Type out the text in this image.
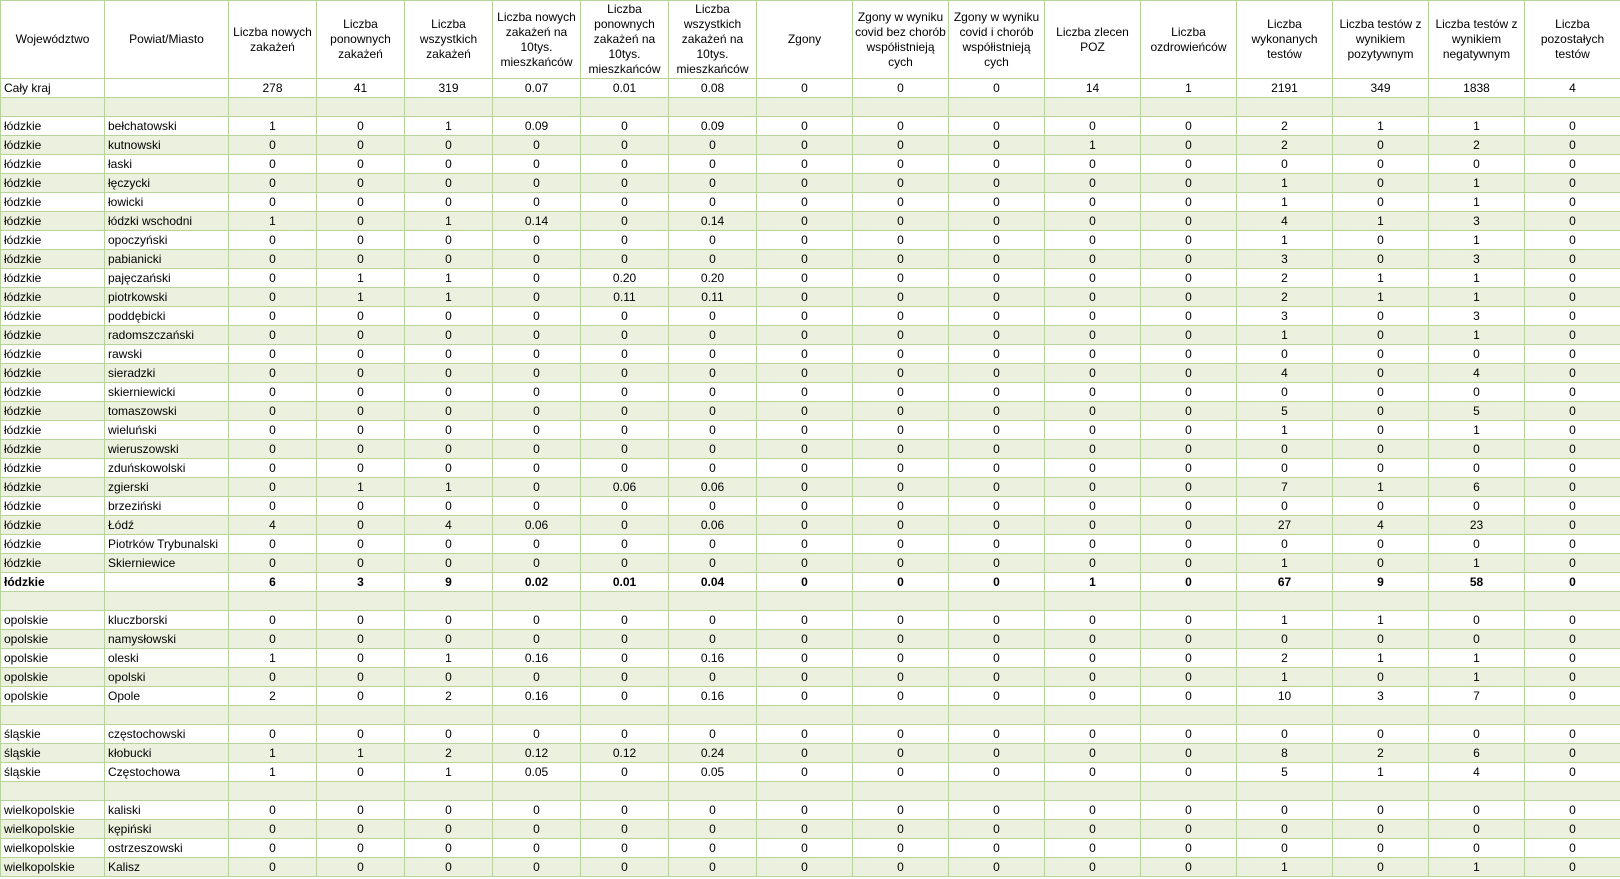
Województwo	Powiat/Miasto	Liczba nowych zakażeń	Liczba ponownych zakażeń	Liczba wszystkich zakażeń	Liczba nowych zakażeń na 10tys. mieszkańców	Liczba ponownych zakażeń na 10tys. mieszkańców	Liczba wszystkich zakażeń na 10tys. mieszkańców	Zgony	Zgony w wyniku covid bez chorób współistnieją cych	Zgony w wyniku covid i chorób współistnieją cych	Liczba zlecen POZ	Liczba ozdrowieńców	Liczba wykonanych testów	Liczba testów z wynikiem pozytywnym	Liczba testów z wynikiem negatywnym	Liczba pozostałych testów
Cały kraj		278	41	319	0.07	0.01	0.08	0	0	0	14	1	2191	349	1838	4

łódzkie	bełchatowski	1	0	1	0.09	0	0.09	0	0	0	0	0	2	1	1	0
łódzkie	kutnowski	0	0	0	0	0	0	0	0	0	1	0	2	0	2	0
łódzkie	łaski	0	0	0	0	0	0	0	0	0	0	0	0	0	0	0
łódzkie	łęczycki	0	0	0	0	0	0	0	0	0	0	0	1	0	1	0
łódzkie	łowicki	0	0	0	0	0	0	0	0	0	0	0	1	0	1	0
łódzkie	łódzki wschodni	1	0	1	0.14	0	0.14	0	0	0	0	0	4	1	3	0
łódzkie	opoczyński	0	0	0	0	0	0	0	0	0	0	0	1	0	1	0
łódzkie	pabianicki	0	0	0	0	0	0	0	0	0	0	0	3	0	3	0
łódzkie	pajęczański	0	1	1	0	0.20	0.20	0	0	0	0	0	2	1	1	0
łódzkie	piotrkowski	0	1	1	0	0.11	0.11	0	0	0	0	0	2	1	1	0
łódzkie	poddębicki	0	0	0	0	0	0	0	0	0	0	0	3	0	3	0
łódzkie	radomszczański	0	0	0	0	0	0	0	0	0	0	0	1	0	1	0
łódzkie	rawski	0	0	0	0	0	0	0	0	0	0	0	0	0	0	0
łódzkie	sieradzki	0	0	0	0	0	0	0	0	0	0	0	4	0	4	0
łódzkie	skierniewicki	0	0	0	0	0	0	0	0	0	0	0	0	0	0	0
łódzkie	tomaszowski	0	0	0	0	0	0	0	0	0	0	0	5	0	5	0
łódzkie	wieluński	0	0	0	0	0	0	0	0	0	0	0	1	0	1	0
łódzkie	wieruszowski	0	0	0	0	0	0	0	0	0	0	0	0	0	0	0
łódzkie	zduńskowolski	0	0	0	0	0	0	0	0	0	0	0	0	0	0	0
łódzkie	zgierski	0	1	1	0	0.06	0.06	0	0	0	0	0	7	1	6	0
łódzkie	brzeziński	0	0	0	0	0	0	0	0	0	0	0	0	0	0	0
łódzkie	Łódź	4	0	4	0.06	0	0.06	0	0	0	0	0	27	4	23	0
łódzkie	Piotrków Trybunalski	0	0	0	0	0	0	0	0	0	0	0	0	0	0	0
łódzkie	Skierniewice	0	0	0	0	0	0	0	0	0	0	0	1	0	1	0
łódzkie		6	3	9	0.02	0.01	0.04	0	0	0	1	0	67	9	58	0

opolskie	kluczborski	0	0	0	0	0	0	0	0	0	0	0	1	1	0	0
opolskie	namysłowski	0	0	0	0	0	0	0	0	0	0	0	0	0	0	0
opolskie	oleski	1	0	1	0.16	0	0.16	0	0	0	0	0	2	1	1	0
opolskie	opolski	0	0	0	0	0	0	0	0	0	0	0	1	0	1	0
opolskie	Opole	2	0	2	0.16	0	0.16	0	0	0	0	0	10	3	7	0

śląskie	częstochowski	0	0	0	0	0	0	0	0	0	0	0	0	0	0	0
śląskie	kłobucki	1	1	2	0.12	0.12	0.24	0	0	0	0	0	8	2	6	0
śląskie	Częstochowa	1	0	1	0.05	0	0.05	0	0	0	0	0	5	1	4	0

wielkopolskie	kaliski	0	0	0	0	0	0	0	0	0	0	0	0	0	0	0
wielkopolskie	kępiński	0	0	0	0	0	0	0	0	0	0	0	0	0	0	0
wielkopolskie	ostrzeszowski	0	0	0	0	0	0	0	0	0	0	0	0	0	0	0
wielkopolskie	Kalisz	0	0	0	0	0	0	0	0	0	0	0	1	0	1	0
